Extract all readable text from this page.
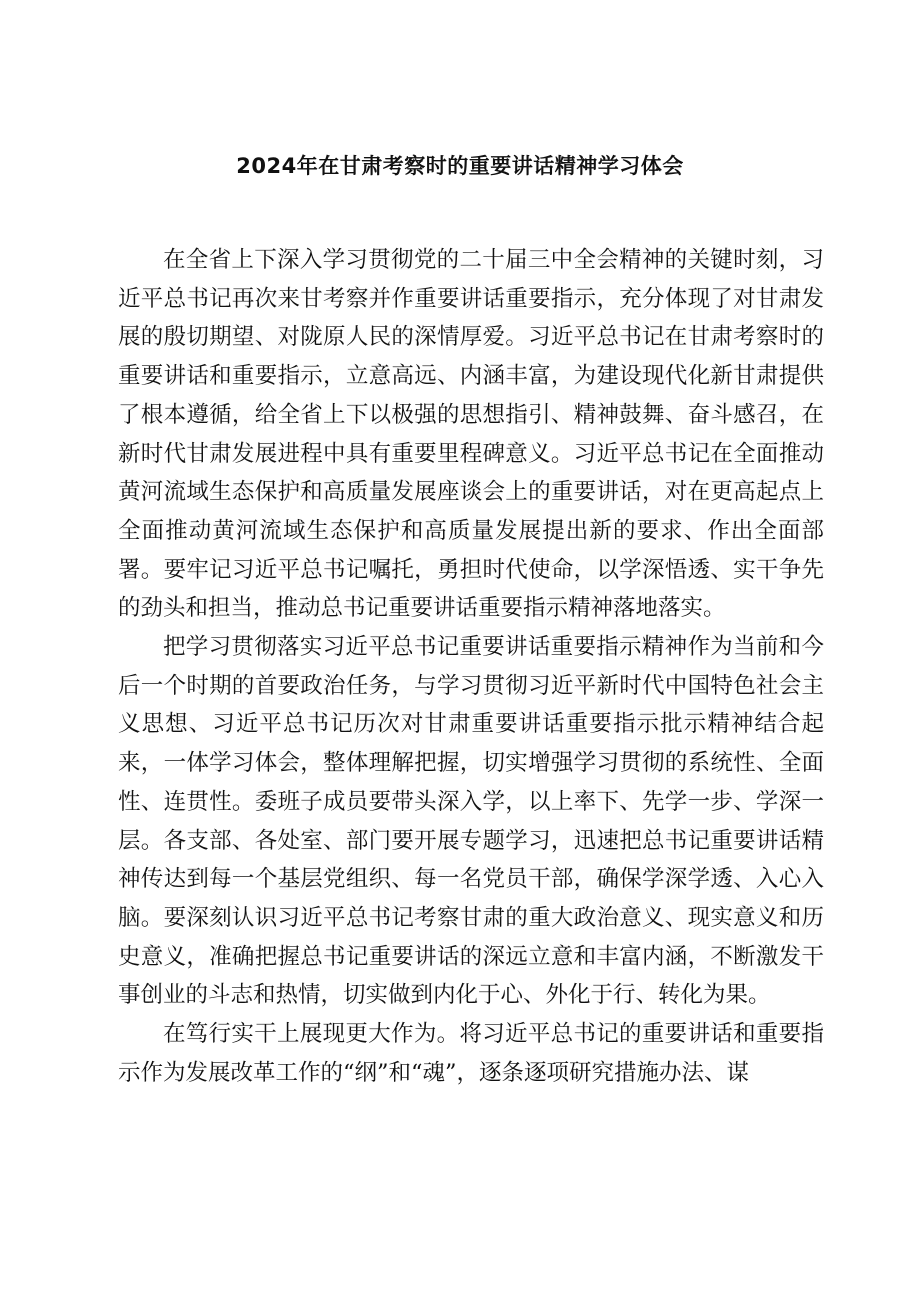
2024年在甘肃考察时的重要讲话精神学习体会

在全省上下深入学习贯彻党的二十届三中全会精神的关键时刻，习近平总书记再次来甘考察并作重要讲话重要指示，充分体现了对甘肃发展的殷切期望、对陇原人民的深情厚爱。习近平总书记在甘肃考察时的重要讲话和重要指示，立意高远、内涵丰富，为建设现代化新甘肃提供了根本遵循，给全省上下以极强的思想指引、精神鼓舞、奋斗感召，在新时代甘肃发展进程中具有重要里程碑意义。习近平总书记在全面推动黄河流域生态保护和高质量发展座谈会上的重要讲话，对在更高起点上全面推动黄河流域生态保护和高质量发展提出新的要求、作出全面部署。要牢记习近平总书记嘱托，勇担时代使命，以学深悟透、实干争先的劲头和担当，推动总书记重要讲话重要指示精神落地落实。

把学习贯彻落实习近平总书记重要讲话重要指示精神作为当前和今后一个时期的首要政治任务，与学习贯彻习近平新时代中国特色社会主义思想、习近平总书记历次对甘肃重要讲话重要指示批示精神结合起来，一体学习体会，整体理解把握，切实增强学习贯彻的系统性、全面性、连贯性。委班子成员要带头深入学，以上率下、先学一步、学深一层。各支部、各处室、部门要开展专题学习，迅速把总书记重要讲话精神传达到每一个基层党组织、每一名党员干部，确保学深学透、入心入脑。要深刻认识习近平总书记考察甘肃的重大政治意义、现实意义和历史意义，准确把握总书记重要讲话的深远立意和丰富内涵，不断激发干事创业的斗志和热情，切实做到内化于心、外化于行、转化为果。

在笃行实干上展现更大作为。将习近平总书记的重要讲话和重要指示作为发展改革工作的“纲”和“魂”，逐条逐项研究措施办法、谋
